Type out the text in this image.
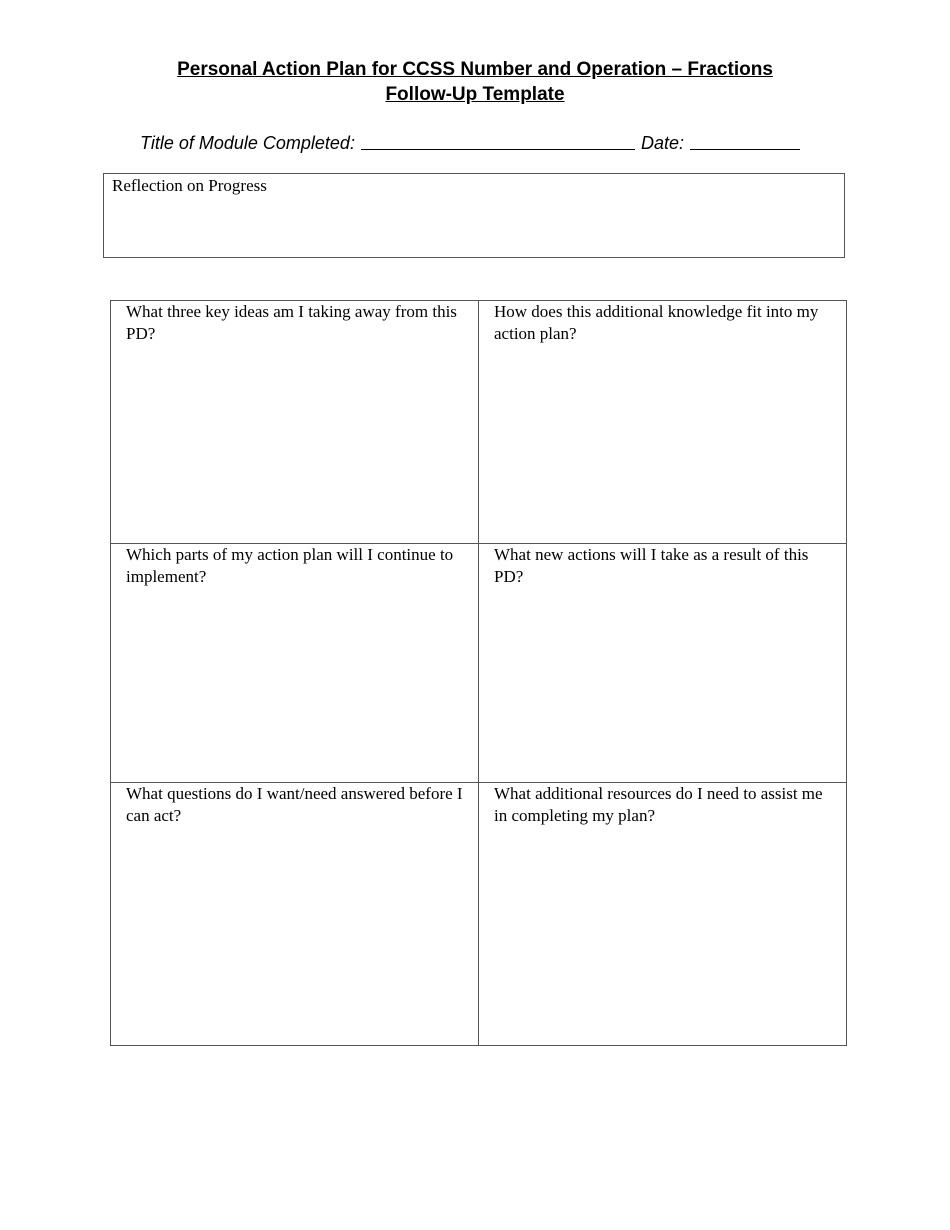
Personal Action Plan for CCSS Number and Operation – Fractions
Follow-Up Template
Title of Module Completed:	Date:
Reflection on Progress
What three key ideas am I taking away from this PD?
How does this additional knowledge fit into my action plan?
Which parts of my action plan will I continue to implement?
What new actions will I take as a result of this PD?
What questions do I want/need answered before I can act?
What additional resources do I need to assist me in completing my plan?
